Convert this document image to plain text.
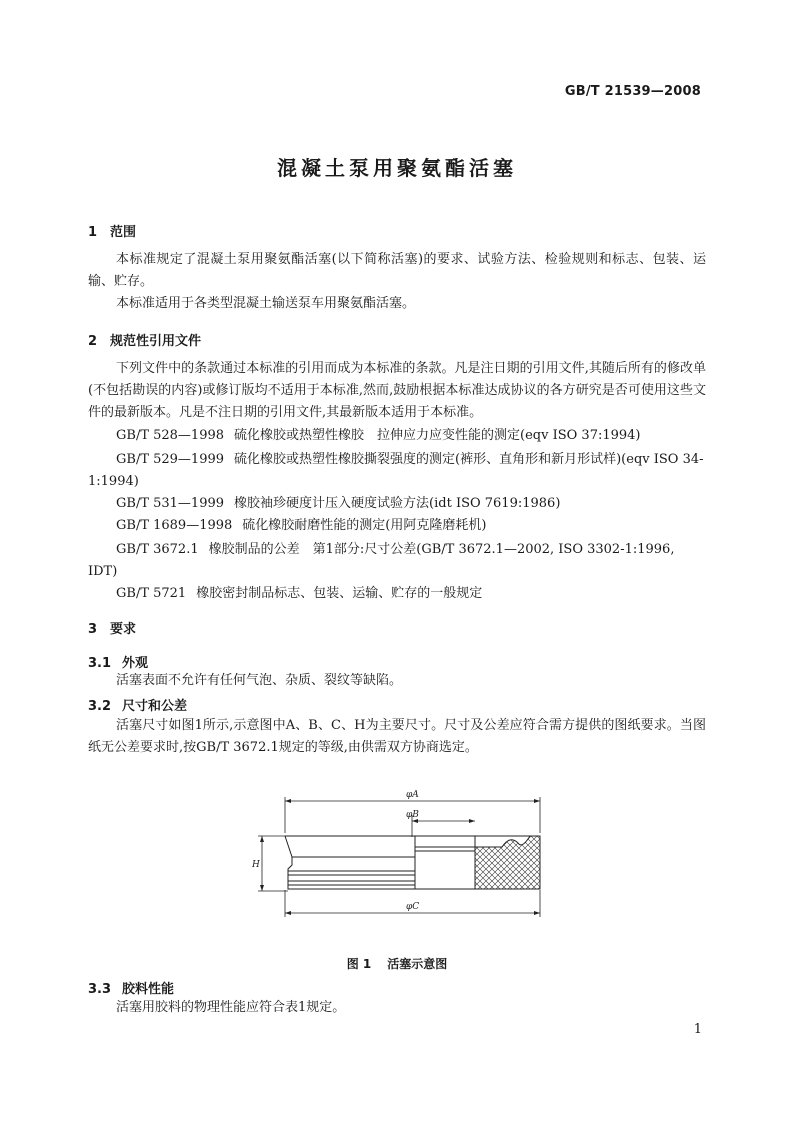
GB/T 21539—2008
混凝土泵用聚氨酯活塞
1 范围
本标准规定了混凝土泵用聚氨酯活塞(以下简称活塞)的要求、试验方法、检验规则和标志、包装、运输、贮存。
本标准适用于各类型混凝土输送泵车用聚氨酯活塞。
2 规范性引用文件
下列文件中的条款通过本标准的引用而成为本标准的条款。凡是注日期的引用文件,其随后所有的修改单(不包括勘误的内容)或修订版均不适用于本标准,然而,鼓励根据本标准达成协议的各方研究是否可使用这些文件的最新版本。凡是不注日期的引用文件,其最新版本适用于本标准。
GB/T 528—1998 硫化橡胶或热塑性橡胶　拉伸应力应变性能的测定(eqv ISO 37:1994)
GB/T 529—1999 硫化橡胶或热塑性橡胶撕裂强度的测定(裤形、直角形和新月形试样)(eqv ISO 34-1:1994)
GB/T 531—1999 橡胶袖珍硬度计压入硬度试验方法(idt ISO 7619:1986)
GB/T 1689—1998 硫化橡胶耐磨性能的测定(用阿克隆磨耗机)
GB/T 3672.1 橡胶制品的公差　第1部分:尺寸公差(GB/T 3672.1—2002, ISO 3302-1:1996, IDT)
GB/T 5721 橡胶密封制品标志、包装、运输、贮存的一般规定
3 要求
3.1 外观
活塞表面不允许有任何气泡、杂质、裂纹等缺陷。
3.2 尺寸和公差
活塞尺寸如图1所示,示意图中A、B、C、H为主要尺寸。尺寸及公差应符合需方提供的图纸要求。当图纸无公差要求时,按GB/T 3672.1规定的等级,由供需双方协商选定。
φA
φB
φC
H
图 1 活塞示意图
3.3 胶料性能
活塞用胶料的物理性能应符合表1规定。
1
